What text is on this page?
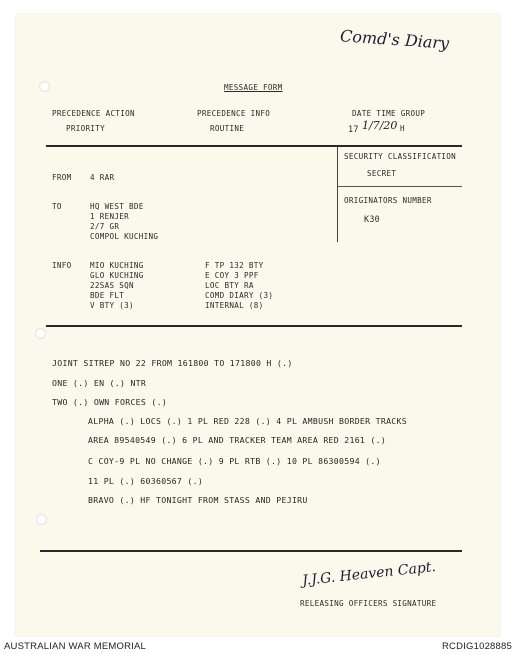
Comd's Diary
MESSAGE FORM
PRECEDENCE ACTION
PRIORITY
PRECEDENCE INFO
ROUTINE
DATE TIME GROUP
17 1/7/20 H
SECURITY CLASSIFICATION
SECRET
ORIGINATORS NUMBER
K30
FROM 4 RAR
TO	HQ WEST BDE
1 RENJER
2/7 GR
COMPOL KUCHING
INFO MIO KUCHING
GLO KUCHING
22SAS SQN
BDE FLT
V BTY (3)
F TP 132 BTY
E COY 3 PPF
LOC BTY RA
COMD DIARY (3)
INTERNAL (8)
JOINT SITREP NO 22 FROM 161800 TO 171800 H (.)
ONE (.) EN (.) NTR
TWO (.) OWN FORCES (.)
ALPHA (.) LOCS (.) 1 PL RED 228 (.) 4 PL AMBUSH BORDER TRACKS
AREA 89540549 (.) 6 PL AND TRACKER TEAM AREA RED 2161 (.)
C COY-9 PL NO CHANGE (.) 9 PL RTB (.) 10 PL 86300594 (.)
11 PL (.) 60360567 (.)
BRAVO (.) HF TONIGHT FROM STASS AND PEJIRU
J.J.G. Heaven Capt.
RELEASING OFFICERS SIGNATURE
AUSTRALIAN WAR MEMORIAL	RCDIG1028885
